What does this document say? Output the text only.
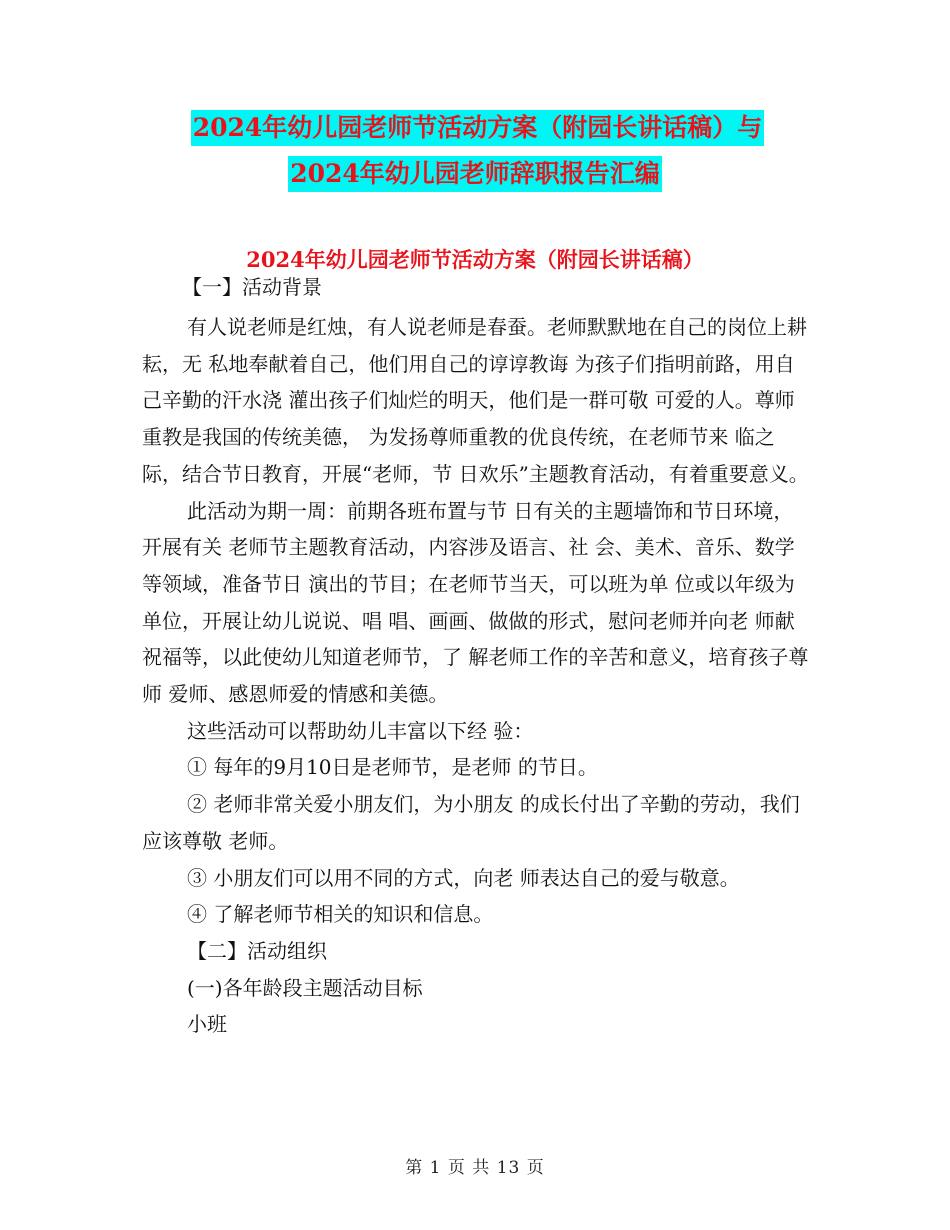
2024年幼儿园老师节活动方案（附园长讲话稿）与
2024年幼儿园老师辞职报告汇编
2024年幼儿园老师节活动方案（附园长讲话稿）

【一】活动背景

有人说老师是红烛，有人说老师是春蚕。老师默默地在自己的岗位上耕耘，无 私地奉献着自己，他们用自己的谆谆教诲 为孩子们指明前路，用自己辛勤的汗水浇 灌出孩子们灿烂的明天，他们是一群可敬 可爱的人。尊师重教是我国的传统美德， 为发扬尊师重教的优良传统，在老师节来 临之际，结合节日教育，开展“老师，节 日欢乐”主题教育活动，有着重要意义。

此活动为期一周：前期各班布置与节 日有关的主题墙饰和节日环境，开展有关 老师节主题教育活动，内容涉及语言、社 会、美术、音乐、数学等领域，准备节日 演出的节目；在老师节当天，可以班为单 位或以年级为单位，开展让幼儿说说、唱 唱、画画、做做的形式，慰问老师并向老 师献祝福等，以此使幼儿知道老师节，了 解老师工作的辛苦和意义，培育孩子尊师 爱师、感恩师爱的情感和美德。

这些活动可以帮助幼儿丰富以下经 验：

① 每年的9月10日是老师节，是老师 的节日。

② 老师非常关爱小朋友们，为小朋友 的成长付出了辛勤的劳动，我们应该尊敬 老师。

③ 小朋友们可以用不同的方式，向老 师表达自己的爱与敬意。

④ 了解老师节相关的知识和信息。

【二】活动组织

(一)各年龄段主题活动目标

小班

第 1 页 共 13 页
